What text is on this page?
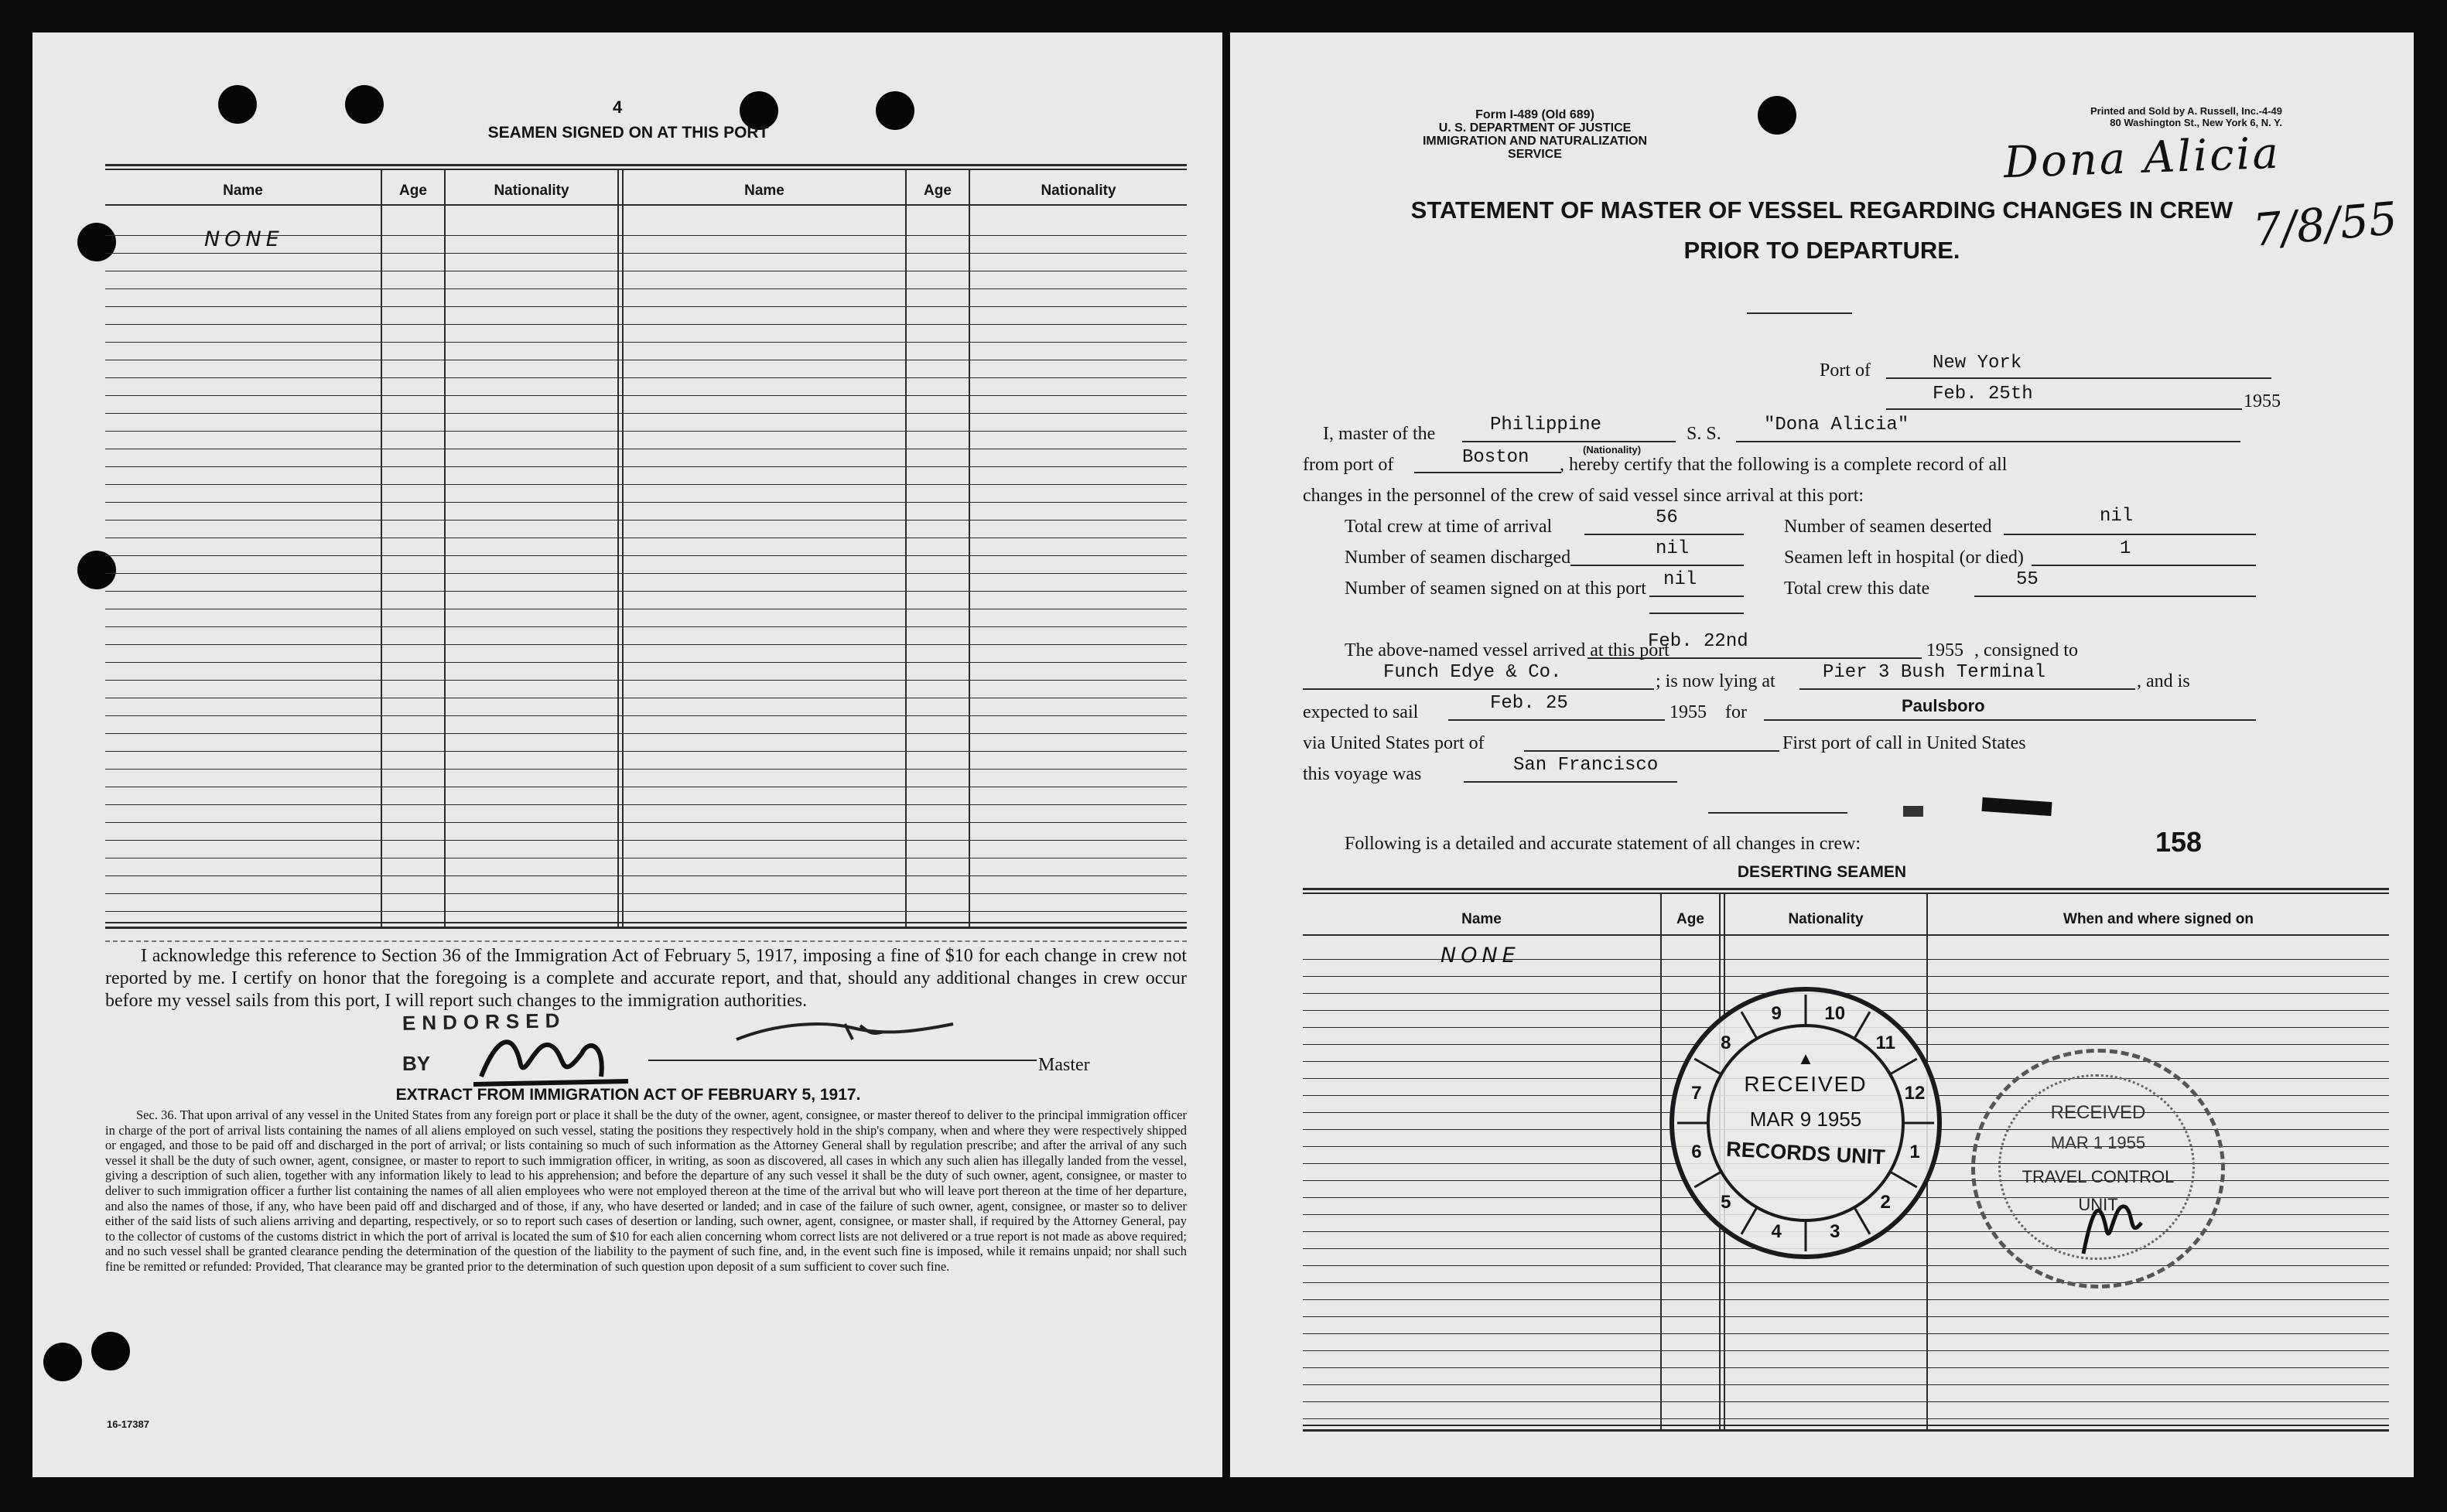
4
SEAMEN SIGNED ON AT THIS PORT
Name	Age	Nationality	Name	Age	Nationality
NONE
I acknowledge this reference to Section 36 of the Immigration Act of February 5, 1917, imposing a fine of $10 for each change in crew not reported by me. I certify on honor that the foregoing is a complete and accurate report, and that, should any additional changes in crew occur before my vessel sails from this port, I will report such changes to the immigration authorities.
ENDORSED
BY	Master
EXTRACT FROM IMMIGRATION ACT OF FEBRUARY 5, 1917.
Sec. 36. That upon arrival of any vessel in the United States from any foreign port or place it shall be the duty of the owner, agent, consignee, or master thereof to deliver to the principal immigration officer in charge of the port of arrival lists containing the names of all aliens employed on such vessel, stating the positions they respectively hold in the ship's company, when and where they were respectively shipped or engaged, and those to be paid off and discharged in the port of arrival; or lists containing so much of such information as the Attorney General shall by regulation prescribe; and after the arrival of any such vessel it shall be the duty of such owner, agent, consignee, or master to report to such immigration officer, in writing, as soon as discovered, all cases in which any such alien has illegally landed from the vessel, giving a description of such alien, together with any information likely to lead to his apprehension; and before the departure of any such vessel it shall be the duty of such owner, agent, consignee, or master to deliver to such immigration officer a further list containing the names of all alien employees who were not employed thereon at the time of the arrival but who will leave port thereon at the time of her departure, and also the names of those, if any, who have been paid off and discharged and of those, if any, who have deserted or landed; and in case of the failure of such owner, agent, consignee, or master so to deliver either of the said lists of such aliens arriving and departing, respectively, or so to report such cases of desertion or landing, such owner, agent, consignee, or master shall, if required by the Attorney General, pay to the collector of customs of the customs district in which the port of arrival is located the sum of $10 for each alien concerning whom correct lists are not delivered or a true report is not made as above required; and no such vessel shall be granted clearance pending the determination of the question of the liability to the payment of such fine, and, in the event such fine is imposed, while it remains unpaid; nor shall such fine be remitted or refunded: Provided, That clearance may be granted prior to the determination of such question upon deposit of a sum sufficient to cover such fine.
16-17387
Form I-489 (Old 689)
U. S. DEPARTMENT OF JUSTICE
IMMIGRATION AND NATURALIZATION SERVICE
Printed and Sold by A. Russell, Inc.-4-49
80 Washington St., New York 6, N. Y.
Dona Alicia
7/8/55
STATEMENT OF MASTER OF VESSEL REGARDING CHANGES IN CREW
PRIOR TO DEPARTURE.
Port of	New York
Feb. 25th	1955
I, master of the	Philippine
(Nationality)
S. S. "Dona Alicia"
from port of	Boston , hereby certify that the following is a complete record of all
changes in the personnel of the crew of said vessel since arrival at this port:
Total crew at time of arrival	56
Number of seamen discharged	nil
Number of seamen signed on at this port nil
Number of seamen deserted	nil
Seamen left in hospital (or died)	1
Total crew this date	55
The above-named vessel arrived at this port
Feb. 22nd	1955 , consigned to
Funch Edye & Co.	; is now lying at	Pier 3 Bush Terminal	, and is
expected to sail	Feb. 25	1955 for	Paulsboro
via United States port of	First port of call in United States
this voyage was	San Francisco
Following is a detailed and accurate statement of all changes in crew:	158
DESERTING SEAMEN
Name	Age	Nationality	When and where signed on
NONE
9	10
11
12
1
2
3
4
5
6
7
8
▲
RECEIVED
MAR 9 1955
RECORDS UNIT
RECEIVED
MAR 1 1955
TRAVEL CONTROL
UNIT
